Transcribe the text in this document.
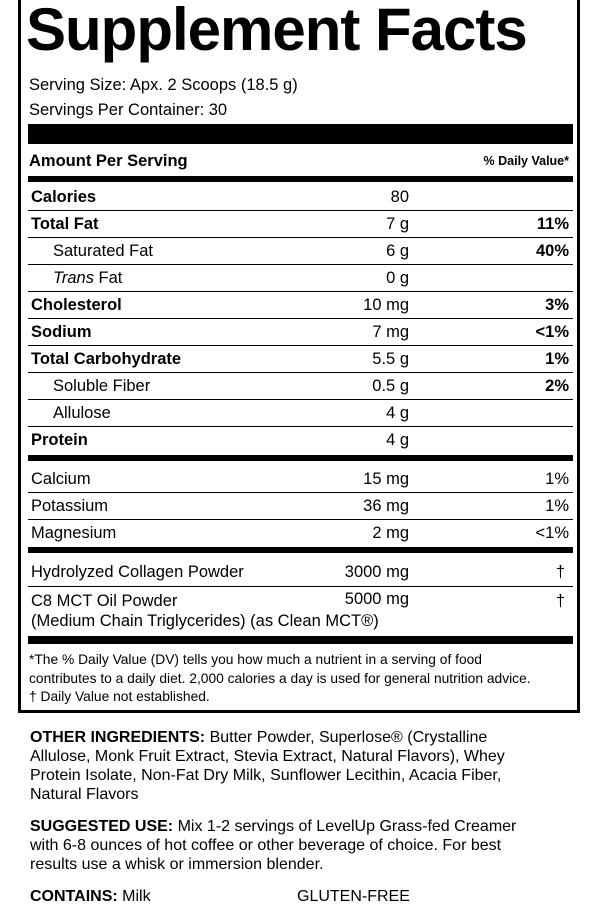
Supplement Facts
Serving Size: Apx. 2 Scoops (18.5 g)
Servings Per Container: 30
Amount Per Serving	% Daily Value*
Calories	80
Total Fat	7 g	11%
Saturated Fat	6 g	40%
Trans Fat	0 g
Cholesterol	10 mg	3%
Sodium	7 mg	<1%
Total Carbohydrate	5.5 g	1%
Soluble Fiber	0.5 g	2%
Allulose	4 g
Protein	4 g
Calcium	15 mg	1%
Potassium	36 mg	1%
Magnesium	2 mg	<1%
Hydrolyzed Collagen Powder	3000 mg	†
C8 MCT Oil Powder
(Medium Chain Triglycerides) (as Clean MCT®)
5000 mg	†
*The % Daily Value (DV) tells you how much a nutrient in a serving of food
contributes to a daily diet. 2,000 calories a day is used for general nutrition advice.
† Daily Value not established.
OTHER INGREDIENTS: Butter Powder, Superlose® (Crystalline
Allulose, Monk Fruit Extract, Stevia Extract, Natural Flavors), Whey
Protein Isolate, Non-Fat Dry Milk, Sunflower Lecithin, Acacia Fiber,
Natural Flavors
SUGGESTED USE: Mix 1-2 servings of LevelUp Grass-fed Creamer
with 6-8 ounces of hot coffee or other beverage of choice. For best
results use a whisk or immersion blender.
CONTAINS: Milk	GLUTEN-FREE
